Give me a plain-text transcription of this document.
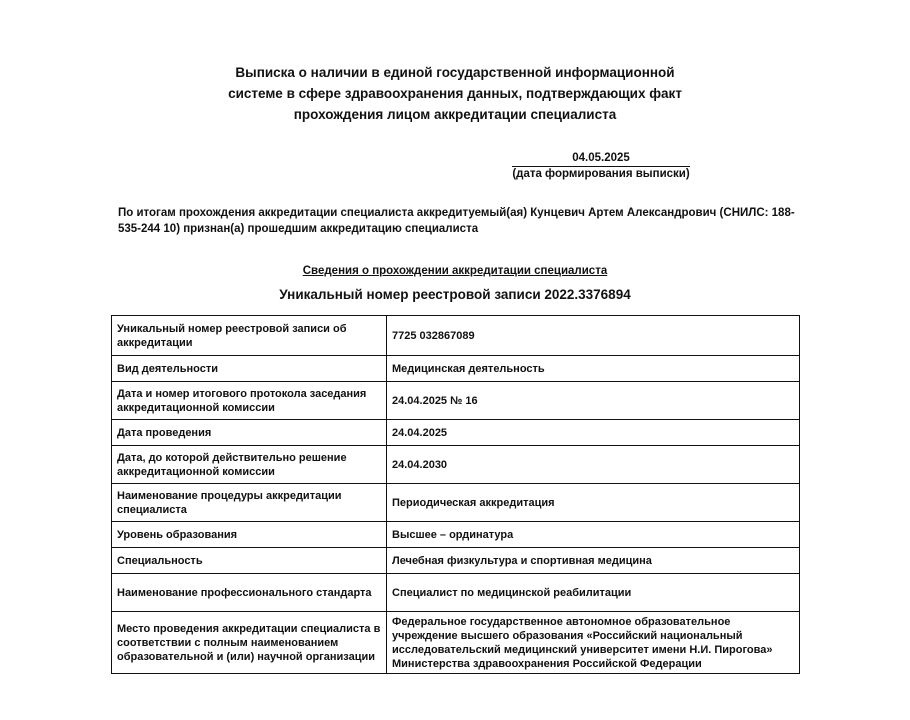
Выписка о наличии в единой государственной информационной
системе в сфере здравоохранения данных, подтверждающих факт
прохождения лицом аккредитации специалиста
04.05.2025
(дата формирования выписки)
По итогам прохождения аккредитации специалиста аккредитуемый(ая) Кунцевич Артем Александрович (СНИЛС: 188-535-244 10) признан(а) прошедшим аккредитацию специалиста
Сведения о прохождении аккредитации специалиста
Уникальный номер реестровой записи 2022.3376894
Уникальный номер реестровой записи об аккредитации	7725 032867089
Вид деятельности	Медицинская деятельность
Дата и номер итогового протокола заседания аккредитационной комиссии	24.04.2025 № 16
Дата проведения	24.04.2025
Дата, до которой действительно решение аккредитационной комиссии	24.04.2030
Наименование процедуры аккредитации специалиста	Периодическая аккредитация
Уровень образования	Высшее – ординатура
Специальность	Лечебная физкультура и спортивная медицина
Наименование профессионального стандарта	Специалист по медицинской реабилитации
Место проведения аккредитации специалиста в соответствии с полным наименованием образовательной и (или) научной организации	Федеральное государственное автономное образовательное учреждение высшего образования «Российский национальный исследовательский медицинский университет имени Н.И. Пирогова» Министерства здравоохранения Российской Федерации
